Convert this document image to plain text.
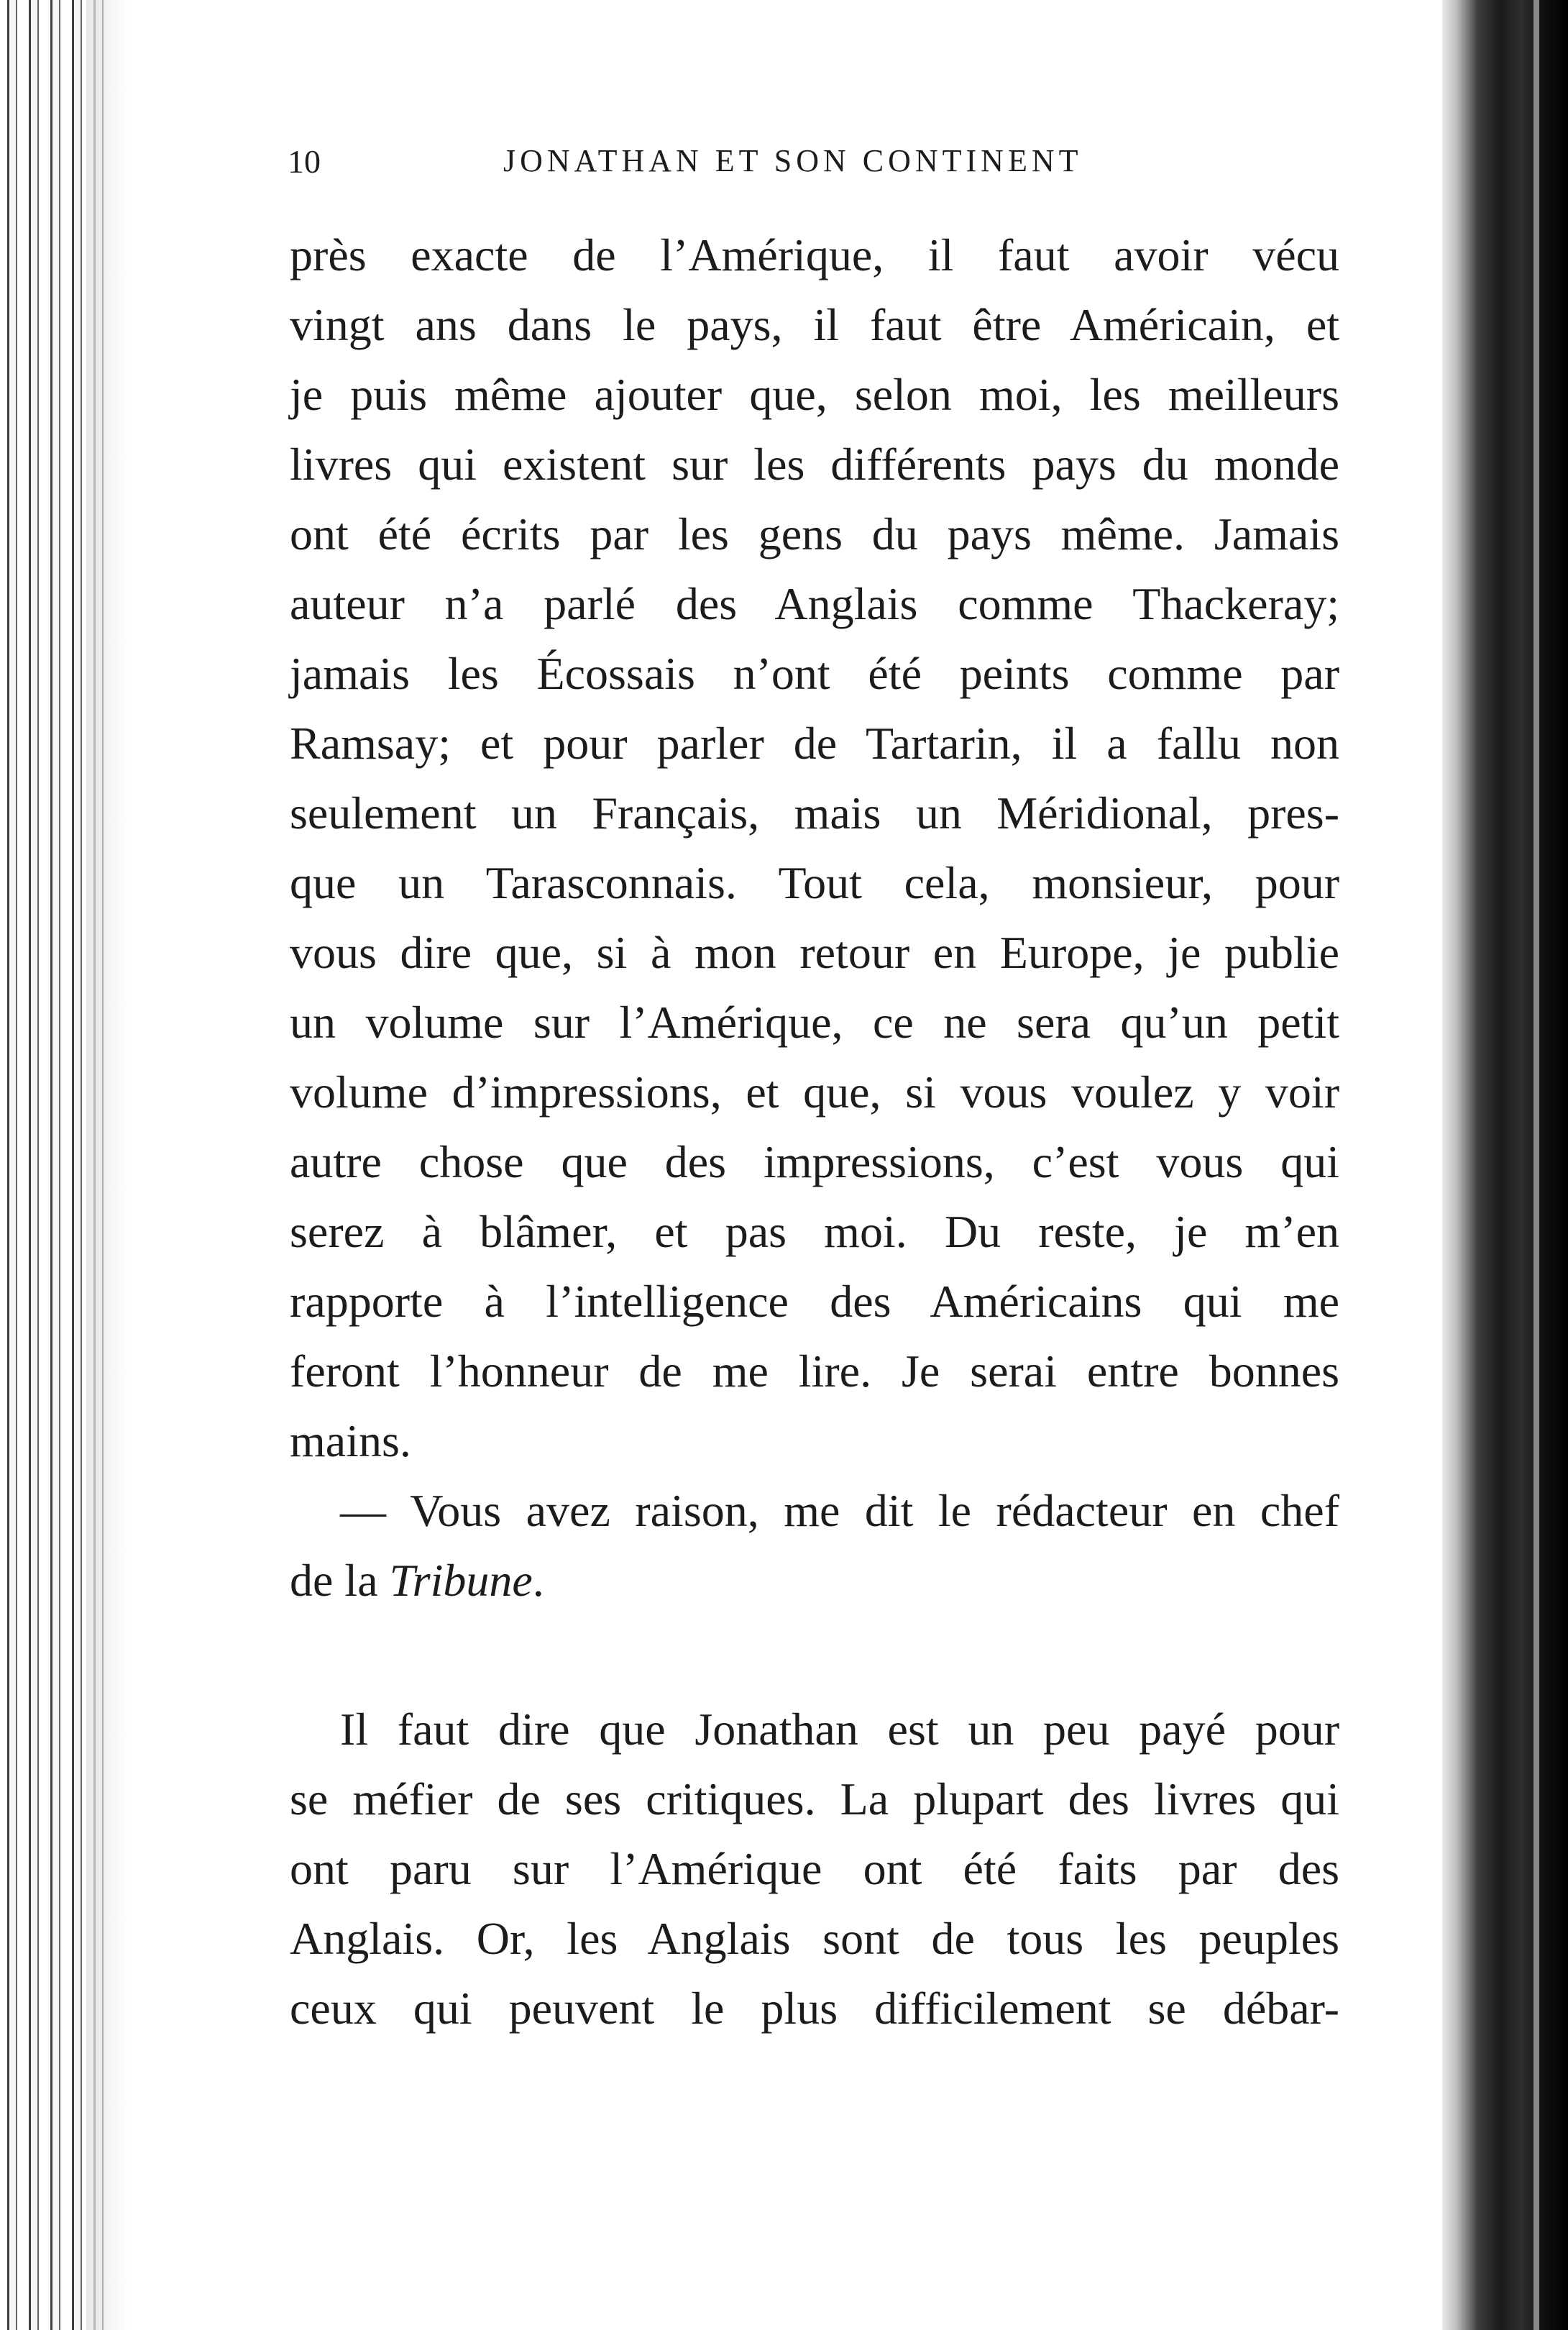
10	JONATHAN ET SON CONTINENT
près exacte de l’Amérique, il faut avoir vécu
vingt ans dans le pays, il faut être Américain, et
je puis même ajouter que, selon moi, les meilleurs
livres qui existent sur les différents pays du monde
ont été écrits par les gens du pays même. Jamais
auteur n’a parlé des Anglais comme Thackeray;
jamais les Écossais n’ont été peints comme par
Ramsay; et pour parler de Tartarin, il a fallu non
seulement un Français, mais un Méridional, pres-
que un Tarasconnais. Tout cela, monsieur, pour
vous dire que, si à mon retour en Europe, je publie
un volume sur l’Amérique, ce ne sera qu’un petit
volume d’impressions, et que, si vous voulez y voir
autre chose que des impressions, c’est vous qui
serez à blâmer, et pas moi. Du reste, je m’en
rapporte à l’intelligence des Américains qui me
feront l’honneur de me lire. Je serai entre bonnes
mains.
— Vous avez raison, me dit le rédacteur en chef
de la Tribune.
Il faut dire que Jonathan est un peu payé pour
se méfier de ses critiques. La plupart des livres qui
ont paru sur l’Amérique ont été faits par des
Anglais. Or, les Anglais sont de tous les peuples
ceux qui peuvent le plus difficilement se débar-
